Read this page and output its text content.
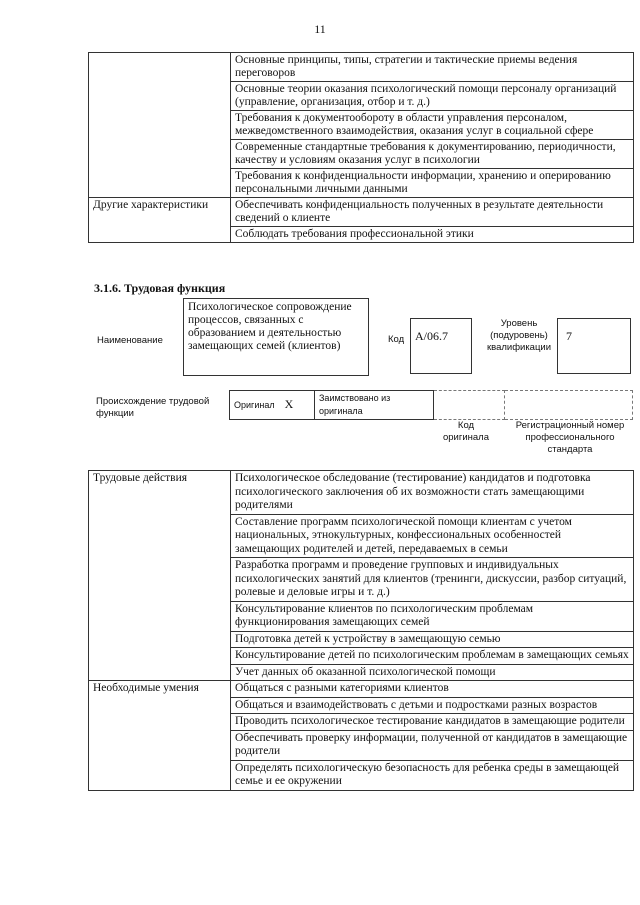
11
	Основные принципы, типы, стратегии и тактические приемы ведения переговоров
	Основные теории оказания психологический помощи персоналу организаций (управление, организация, отбор и т. д.)
	Требования к документообороту в области управления персоналом, межведомственного взаимодействия, оказания услуг в социальной сфере
	Современные стандартные требования к документированию, периодичности, качеству и условиям оказания услуг в психологии
	Требования к конфиденциальности информации, хранению и оперированию персональными личными данными
Другие характеристики	Обеспечивать конфиденциальность полученных в результате деятельности сведений о клиенте
	Соблюдать требования профессиональной этики
3.1.6. Трудовая функция
Наименование
Психологическое сопровождение процессов, связанных с образованием и деятельностью замещающих семей (клиентов)
Код A/06.7
Уровень (подуровень) квалификации
7
Происхождение трудовой функции
Оригинал X	Заимствовано из оригинала		
Код оригинала
Регистрационный номер профессионального стандарта
Трудовые действия	Психологическое обследование (тестирование) кандидатов и подготовка психологического заключения об их возможности стать замещающими родителями
	Составление программ психологической помощи клиентам с учетом национальных, этнокультурных, конфессиональных особенностей замещающих родителей и детей, передаваемых в семьи
	Разработка программ и проведение групповых и индивидуальных психологических занятий для клиентов (тренинги, дискуссии, разбор ситуаций, ролевые и деловые игры и т. д.)
	Консультирование клиентов по психологическим проблемам функционирования замещающих семей
	Подготовка детей к устройству в замещающую семью
	Консультирование детей по психологическим проблемам в замещающих семьях
	Учет данных об оказанной психологической помощи
Необходимые умения	Общаться с разными категориями клиентов
	Общаться и взаимодействовать с детьми и подростками разных возрастов
	Проводить психологическое тестирование кандидатов в замещающие родители
	Обеспечивать проверку информации, полученной от кандидатов в замещающие родители
	Определять психологическую безопасность для ребенка среды в замещающей семье и ее окружении
